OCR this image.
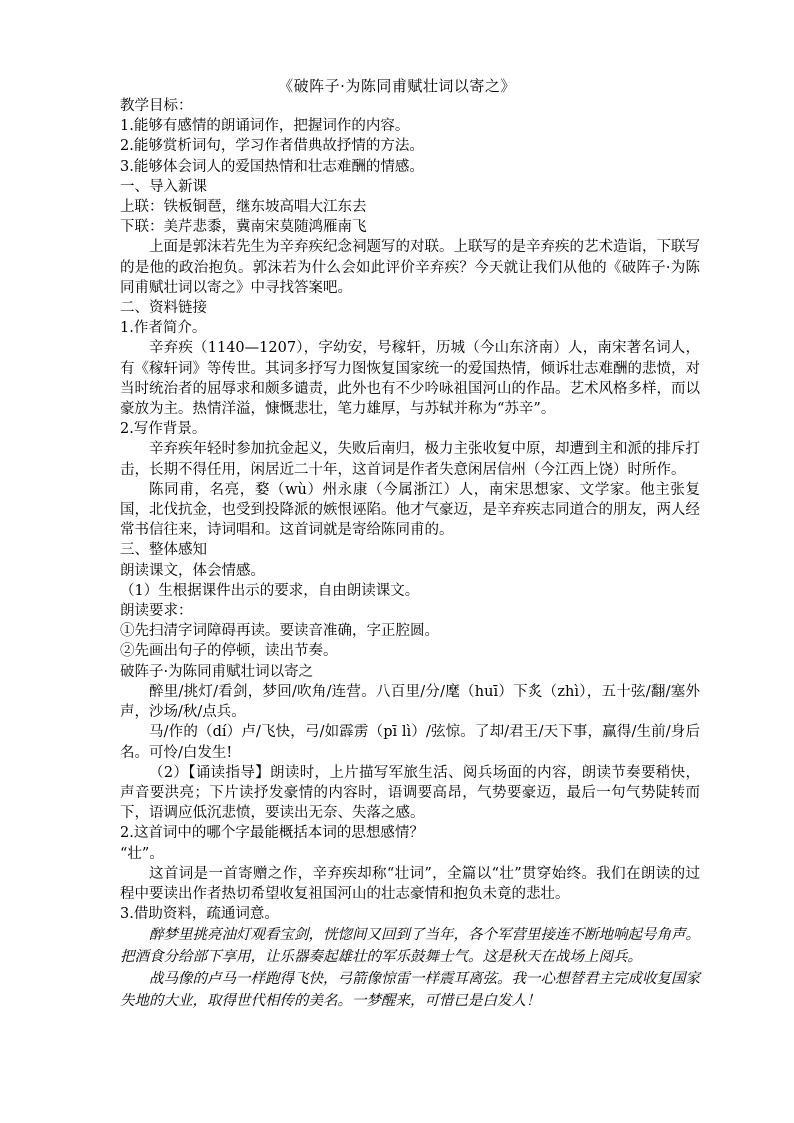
《破阵子·为陈同甫赋壮词以寄之》

教学目标：

1.能够有感情的朗诵词作，把握词作的内容。

2.能够赏析词句，学习作者借典故抒情的方法。

3.能够体会词人的爱国热情和壮志难酬的情感。

一、导入新课

上联：铁板铜琶，继东坡高唱大江东去

下联：美芹悲黍，冀南宋莫随鸿雁南飞

上面是郭沫若先生为辛弃疾纪念祠题写的对联。上联写的是辛弃疾的艺术造诣，下联写的是他的政治抱负。郭沫若为什么会如此评价辛弃疾？今天就让我们从他的《破阵子·为陈同甫赋壮词以寄之》中寻找答案吧。

二、资料链接

1.作者简介。

辛弃疾（1140—1207），字幼安，号稼轩，历城（今山东济南）人，南宋著名词人，有《稼轩词》等传世。其词多抒写力图恢复国家统一的爱国热情，倾诉壮志难酬的悲愤，对当时统治者的屈辱求和颇多谴责，此外也有不少吟咏祖国河山的作品。艺术风格多样，而以豪放为主。热情洋溢，慷慨悲壮，笔力雄厚，与苏轼并称为“苏辛”。

2.写作背景。

辛弃疾年轻时参加抗金起义，失败后南归，极力主张收复中原，却遭到主和派的排斥打击，长期不得任用，闲居近二十年，这首词是作者失意闲居信州（今江西上饶）时所作。

陈同甫，名亮，婺（wù）州永康（今属浙江）人，南宋思想家、文学家。他主张复国，北伐抗金，也受到投降派的嫉恨诬陷。他才气豪迈，是辛弃疾志同道合的朋友，两人经常书信往来，诗词唱和。这首词就是寄给陈同甫的。

三、整体感知

朗读课文，体会情感。

（1）生根据课件出示的要求，自由朗读课文。

朗读要求：

①先扫清字词障碍再读。要读音准确，字正腔圆。

②先画出句子的停顿，读出节奏。

破阵子·为陈同甫赋壮词以寄之

醉里/挑灯/看剑，梦回/吹角/连营。八百里/分/麾（huī）下炙（zhì），五十弦/翻/塞外声，沙场/秋/点兵。

马/作的（dí）卢/飞快，弓/如霹雳（pī lì）/弦惊。了却/君王/天下事，赢得/生前/身后名。可怜/白发生!

（2）【诵读指导】朗读时，上片描写军旅生活、阅兵场面的内容，朗读节奏要稍快，声音要洪亮；下片读抒发豪情的内容时，语调要高昂，气势要豪迈，最后一句气势陡转而下，语调应低沉悲愤，要读出无奈、失落之感。

2.这首词中的哪个字最能概括本词的思想感情？

“壮”。

这首词是一首寄赠之作，辛弃疾却称“壮词”，全篇以“壮”贯穿始终。我们在朗读的过程中要读出作者热切希望收复祖国河山的壮志豪情和抱负未竟的悲壮。

3.借助资料，疏通词意。

醉梦里挑亮油灯观看宝剑，恍惚间又回到了当年，各个军营里接连不断地响起号角声。把酒食分给部下享用，让乐器奏起雄壮的军乐鼓舞士气。这是秋天在战场上阅兵。

战马像的卢马一样跑得飞快，弓箭像惊雷一样震耳离弦。我一心想替君主完成收复国家失地的大业，取得世代相传的美名。一梦醒来，可惜已是白发人！
